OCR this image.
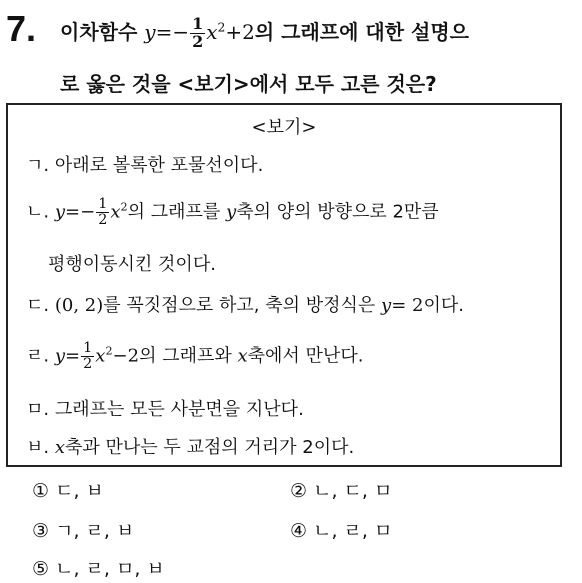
7. 이차함수 $y=- \frac{1}{2} x^2+2$의 그래프에 대한 설명으
로 옳은 것을 <보기>에서 모두 고른 것은?
<보기>
ㄱ. 아래로 볼록한 포물선이다.
ㄴ. $y=- \frac{1}{2} x^2$의 그래프를 y축의 양의 방향으로 2만큼
평행이동시킨 것이다.
ㄷ. (0, 2)를 꼭짓점으로 하고, 축의 방정식은 y= 2이다.
ㄹ. $y= \frac{1}{2} x^2-2$의 그래프와 x축에서 만난다.
ㅁ. 그래프는 모든 사분면을 지난다.
ㅂ. x축과 만나는 두 교점의 거리가 2이다.
① ㄷ, ㅂ	② ㄴ, ㄷ, ㅁ
③ ㄱ, ㄹ, ㅂ	④ ㄴ, ㄹ, ㅁ
⑤ ㄴ, ㄹ, ㅁ, ㅂ
